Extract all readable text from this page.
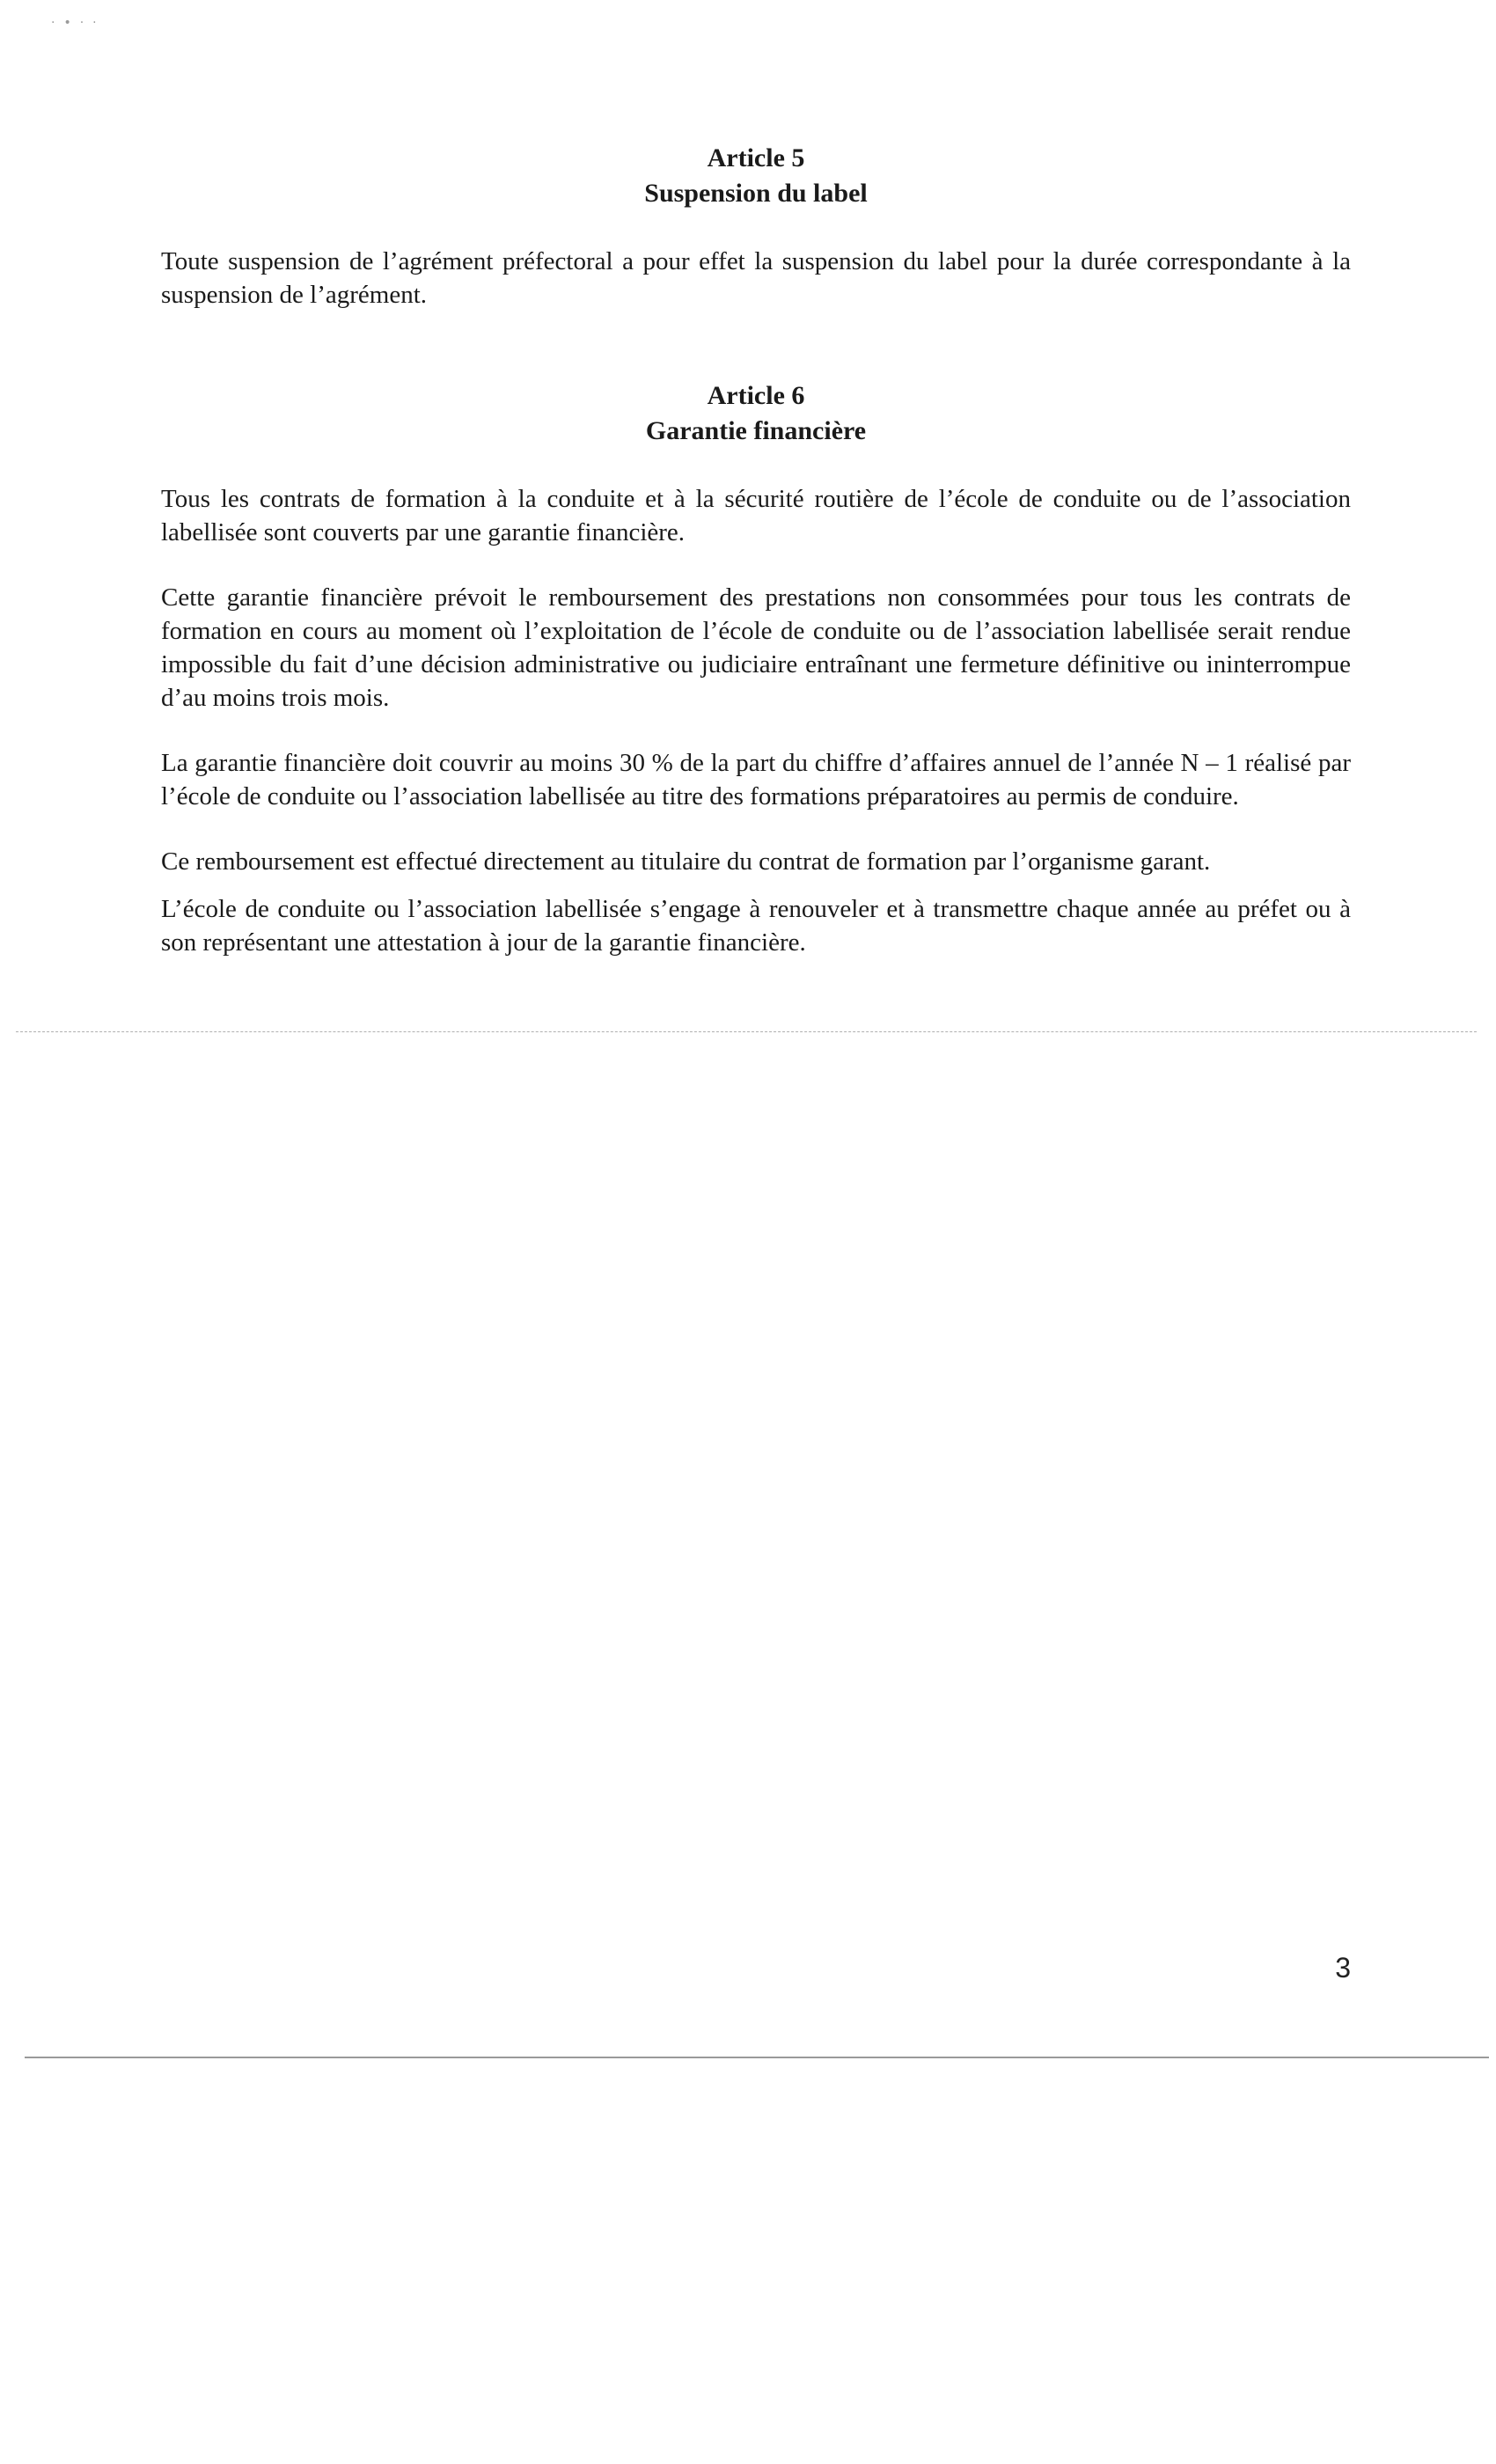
·•··
Article 5
Suspension du label

Toute suspension de l’agrément préfectoral a pour effet la suspension du label pour la durée correspondante à la suspension de l’agrément.

Article 6
Garantie financière

Tous les contrats de formation à la conduite et à la sécurité routière de l’école de conduite ou de l’association labellisée sont couverts par une garantie financière.

Cette garantie financière prévoit le remboursement des prestations non consommées pour tous les contrats de formation en cours au moment où l’exploitation de l’école de conduite ou de l’association labellisée serait rendue impossible du fait d’une décision administrative ou judiciaire entraînant une fermeture définitive ou ininterrompue d’au moins trois mois.

La garantie financière doit couvrir au moins 30 % de la part du chiffre d’affaires annuel de l’année N – 1 réalisé par l’école de conduite ou l’association labellisée au titre des formations préparatoires au permis de conduire.

Ce remboursement est effectué directement au titulaire du contrat de formation par l’organisme garant.

L’école de conduite ou l’association labellisée s’engage à renouveler et à transmettre chaque année au préfet ou à son représentant une attestation à jour de la garantie financière.

3
